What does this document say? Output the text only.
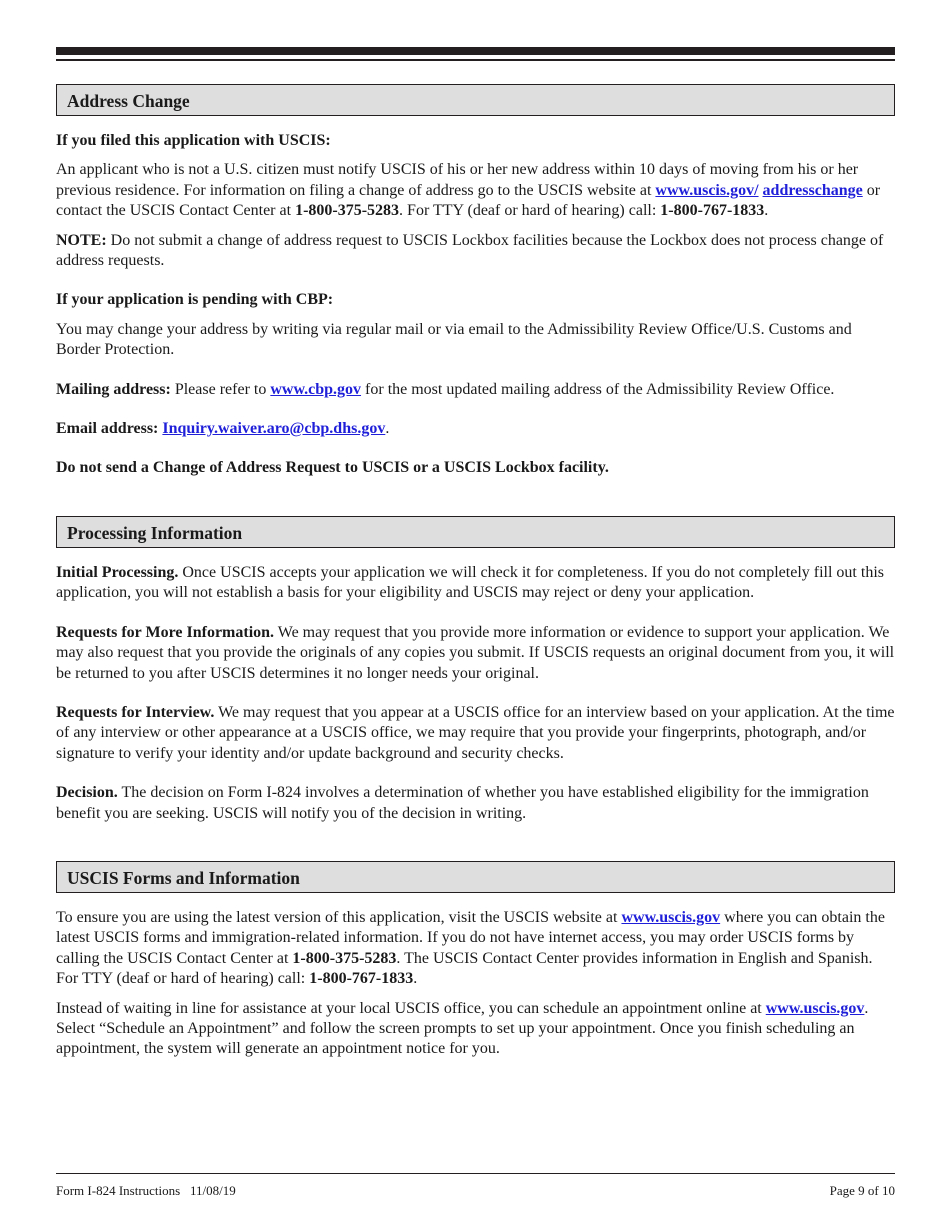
Address Change

If you filed this application with USCIS:

An applicant who is not a U.S. citizen must notify USCIS of his or her new address within 10 days of moving from his or her previous residence. For information on filing a change of address go to the USCIS website at www.uscis.gov/ addresschange or contact the USCIS Contact Center at 1-800-375-5283. For TTY (deaf or hard of hearing) call: 1-800-767-1833.

NOTE: Do not submit a change of address request to USCIS Lockbox facilities because the Lockbox does not process change of address requests.

If your application is pending with CBP:

You may change your address by writing via regular mail or via email to the Admissibility Review Office/U.S. Customs and Border Protection.

Mailing address: Please refer to www.cbp.gov for the most updated mailing address of the Admissibility Review Office.

Email address: Inquiry.waiver.aro@cbp.dhs.gov.

Do not send a Change of Address Request to USCIS or a USCIS Lockbox facility.

Processing Information

Initial Processing. Once USCIS accepts your application we will check it for completeness. If you do not completely fill out this application, you will not establish a basis for your eligibility and USCIS may reject or deny your application.

Requests for More Information. We may request that you provide more information or evidence to support your application. We may also request that you provide the originals of any copies you submit. If USCIS requests an original document from you, it will be returned to you after USCIS determines it no longer needs your original.

Requests for Interview. We may request that you appear at a USCIS office for an interview based on your application. At the time of any interview or other appearance at a USCIS office, we may require that you provide your fingerprints, photograph, and/or signature to verify your identity and/or update background and security checks.

Decision. The decision on Form I-824 involves a determination of whether you have established eligibility for the immigration benefit you are seeking. USCIS will notify you of the decision in writing.

USCIS Forms and Information

To ensure you are using the latest version of this application, visit the USCIS website at www.uscis.gov where you can obtain the latest USCIS forms and immigration-related information. If you do not have internet access, you may order USCIS forms by calling the USCIS Contact Center at 1-800-375-5283. The USCIS Contact Center provides information in English and Spanish. For TTY (deaf or hard of hearing) call: 1-800-767-1833.

Instead of waiting in line for assistance at your local USCIS office, you can schedule an appointment online at www.uscis.gov. Select “Schedule an Appointment” and follow the screen prompts to set up your appointment. Once you finish scheduling an appointment, the system will generate an appointment notice for you.

Form I-824 Instructions   11/08/19	Page 9 of 10
